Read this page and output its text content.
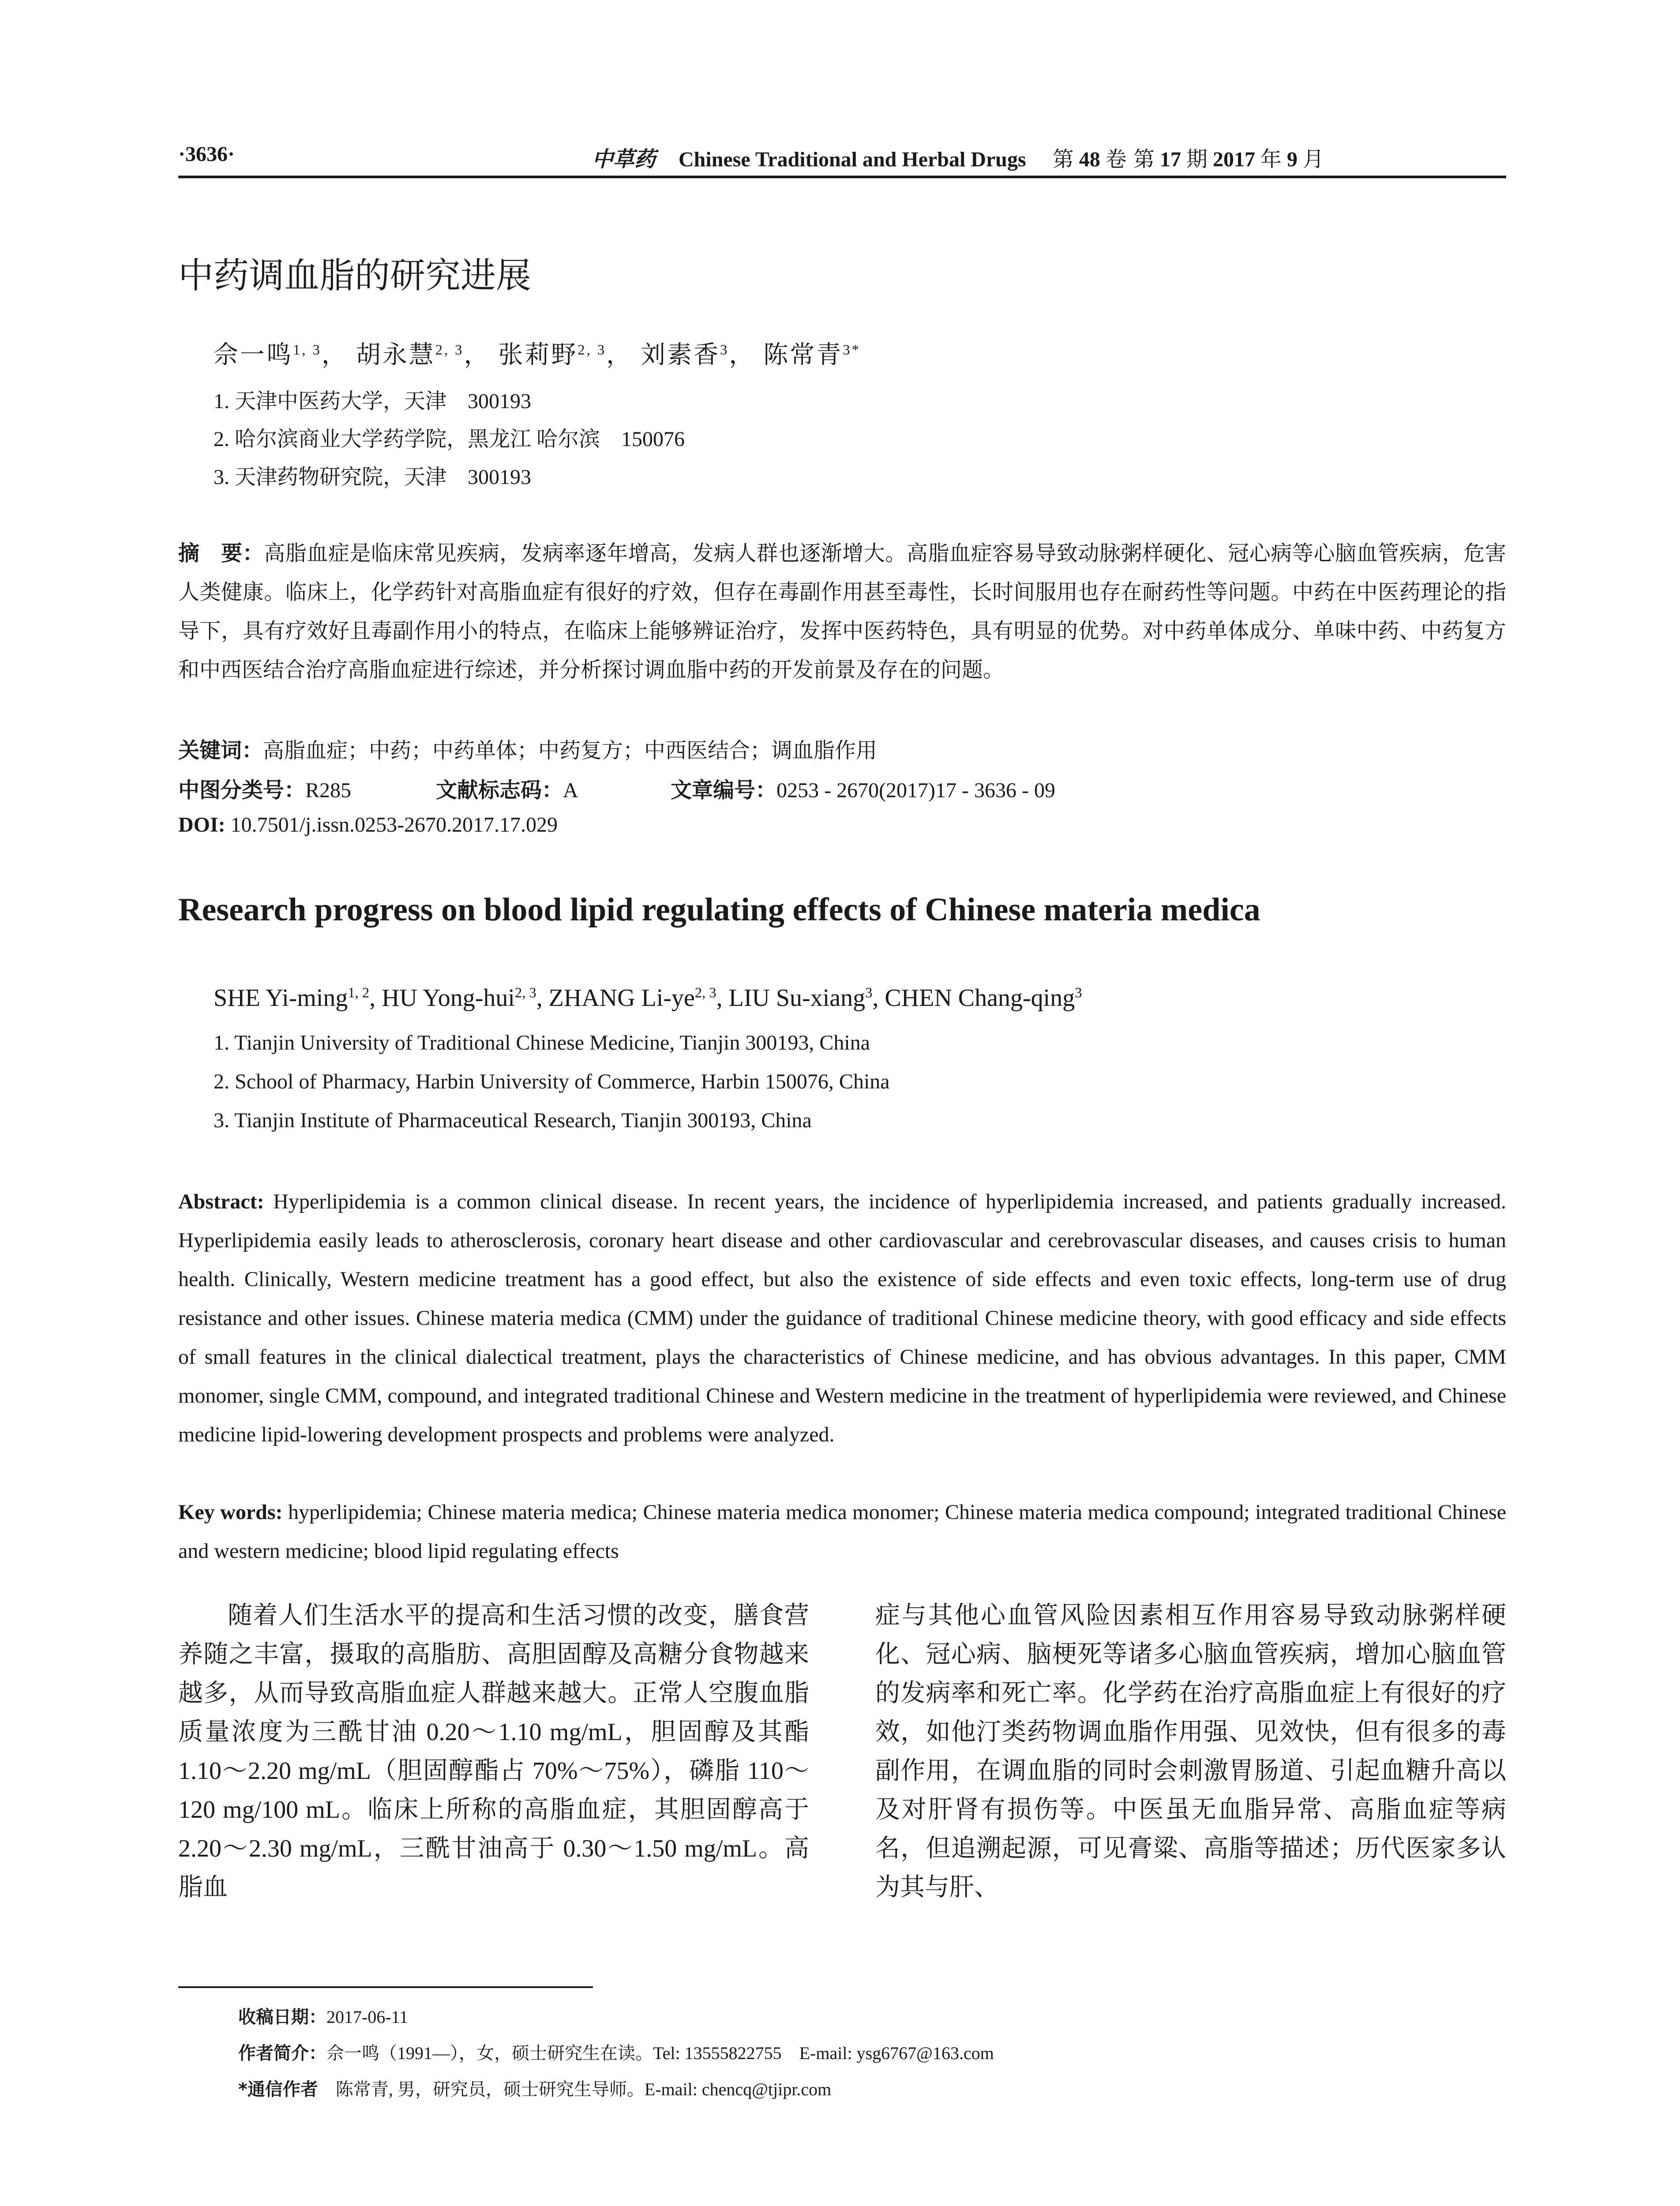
·3636·	中草药 Chinese Traditional and Herbal Drugs 第 48 卷 第 17 期 2017 年 9 月
中药调血脂的研究进展
佘一鸣$^{1, 3}$， 胡永慧$^{2, 3}$， 张莉野$^{2, 3}$， 刘素香$^3$， 陈常青$^{3*}$
1. 天津中医药大学，天津　300193
2. 哈尔滨商业大学药学院，黑龙江 哈尔滨　150076
3. 天津药物研究院，天津　300193
摘　要：高脂血症是临床常见疾病，发病率逐年增高，发病人群也逐渐增大。高脂血症容易导致动脉粥样硬化、冠心病等心脑血管疾病，危害人类健康。临床上，化学药针对高脂血症有很好的疗效，但存在毒副作用甚至毒性，长时间服用也存在耐药性等问题。中药在中医药理论的指导下，具有疗效好且毒副作用小的特点，在临床上能够辨证治疗，发挥中医药特色，具有明显的优势。对中药单体成分、单味中药、中药复方和中西医结合治疗高脂血症进行综述，并分析探讨调血脂中药的开发前景及存在的问题。
关键词：高脂血症；中药；中药单体；中药复方；中西医结合；调血脂作用
中图分类号：R285	文献标志码：A	文章编号：0253 - 2670(2017)17 - 3636 - 09
DOI: 10.7501/j.issn.0253-2670.2017.17.029
Research progress on blood lipid regulating effects of Chinese materia medica
SHE Yi-ming$^{1, 2}$, HU Yong-hui$^{2, 3}$, ZHANG Li-ye$^{2, 3}$, LIU Su-xiang$^3$, CHEN Chang-qing$^3$
1. Tianjin University of Traditional Chinese Medicine, Tianjin 300193, China
2. School of Pharmacy, Harbin University of Commerce, Harbin 150076, China
3. Tianjin Institute of Pharmaceutical Research, Tianjin 300193, China
Abstract: Hyperlipidemia is a common clinical disease. In recent years, the incidence of hyperlipidemia increased, and patients gradually increased. Hyperlipidemia easily leads to atherosclerosis, coronary heart disease and other cardiovascular and cerebrovascular diseases, and causes crisis to human health. Clinically, Western medicine treatment has a good effect, but also the existence of side effects and even toxic effects, long-term use of drug resistance and other issues. Chinese materia medica (CMM) under the guidance of traditional Chinese medicine theory, with good efficacy and side effects of small features in the clinical dialectical treatment, plays the characteristics of Chinese medicine, and has obvious advantages. In this paper, CMM monomer, single CMM, compound, and integrated traditional Chinese and Western medicine in the treatment of hyperlipidemia were reviewed, and Chinese medicine lipid-lowering development prospects and problems were analyzed.
Key words: hyperlipidemia; Chinese materia medica; Chinese materia medica monomer; Chinese materia medica compound; integrated traditional Chinese and western medicine; blood lipid regulating effects
随着人们生活水平的提高和生活习惯的改变，膳食营养随之丰富，摄取的高脂肪、高胆固醇及高糖分食物越来越多，从而导致高脂血症人群越来越大。正常人空腹血脂质量浓度为三酰甘油 0.20～1.10 mg/mL，胆固醇及其酯 1.10～2.20 mg/mL（胆固醇酯占 70%～75%），磷脂 110～120 mg/100 mL。临床上所称的高脂血症，其胆固醇高于 2.20～2.30 mg/mL，三酰甘油高于 0.30～1.50 mg/mL。高脂血
症与其他心血管风险因素相互作用容易导致动脉粥样硬化、冠心病、脑梗死等诸多心脑血管疾病，增加心脑血管的发病率和死亡率。化学药在治疗高脂血症上有很好的疗效，如他汀类药物调血脂作用强、见效快，但有很多的毒副作用，在调血脂的同时会刺激胃肠道、引起血糖升高以及对肝肾有损伤等。中医虽无血脂异常、高脂血症等病名，但追溯起源，可见膏粱、高脂等描述；历代医家多认为其与肝、
收稿日期：2017-06-11
作者简介：佘一鸣（1991—），女，硕士研究生在读。Tel: 13555822755　E-mail: ysg6767@163.com
*通信作者　 陈常青, 男，研究员，硕士研究生导师。E-mail: chencq@tjipr.com
